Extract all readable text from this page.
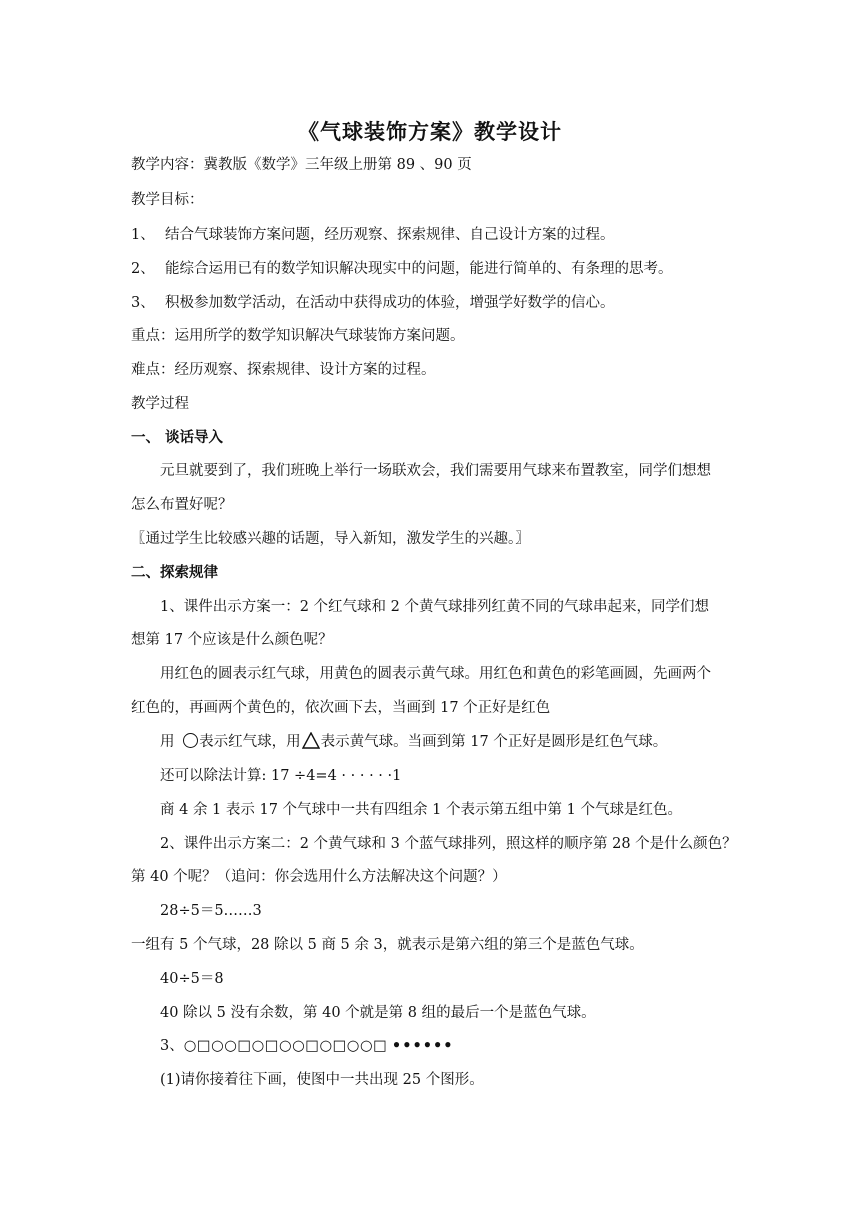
《气球装饰方案》教学设计
教学内容：冀教版《数学》三年级上册第 89 、90 页
教学目标：
1、 结合气球装饰方案问题，经历观察、探索规律、自己设计方案的过程。
2、 能综合运用已有的数学知识解决现实中的问题，能进行简单的、有条理的思考。
3、 积极参加数学活动，在活动中获得成功的体验，增强学好数学的信心。
重点：运用所学的数学知识解决气球装饰方案问题。
难点：经历观察、探索规律、设计方案的过程。
教学过程
一、 谈话导入
元旦就要到了，我们班晚上举行一场联欢会，我们需要用气球来布置教室，同学们想想
怎么布置好呢？
〖通过学生比较感兴趣的话题，导入新知，激发学生的兴趣。〗
二、探索规律
1、课件出示方案一：2 个红气球和 2 个黄气球排列红黄不同的气球串起来，同学们想
想第 17 个应该是什么颜色呢？
用红色的圆表示红气球，用黄色的圆表示黄气球。用红色和黄色的彩笔画圆，先画两个
红色的，再画两个黄色的，依次画下去，当画到 17 个正好是红色
用 表示红气球，用 表示黄气球。当画到第 17 个正好是圆形是红色气球。
还可以除法计算: 17 ÷4=4 · · · · · ·1
商 4 余 1 表示 17 个气球中一共有四组余 1 个表示第五组中第 1 个气球是红色。
2、课件出示方案二：2 个黄气球和 3 个蓝气球排列，照这样的顺序第 28 个是什么颜色？
第 40 个呢？（追问：你会选用什么方法解决这个问题？）
28÷5＝5……3
一组有 5 个气球，28 除以 5 商 5 余 3，就表示是第六组的第三个是蓝色气球。
40÷5＝8
40 除以 5 没有余数，第 40 个就是第 8 组的最后一个是蓝色气球。
3、○□○○□○□○○□○□○○□ ••••••
(1)请你接着往下画，使图中一共出现 25 个图形。
